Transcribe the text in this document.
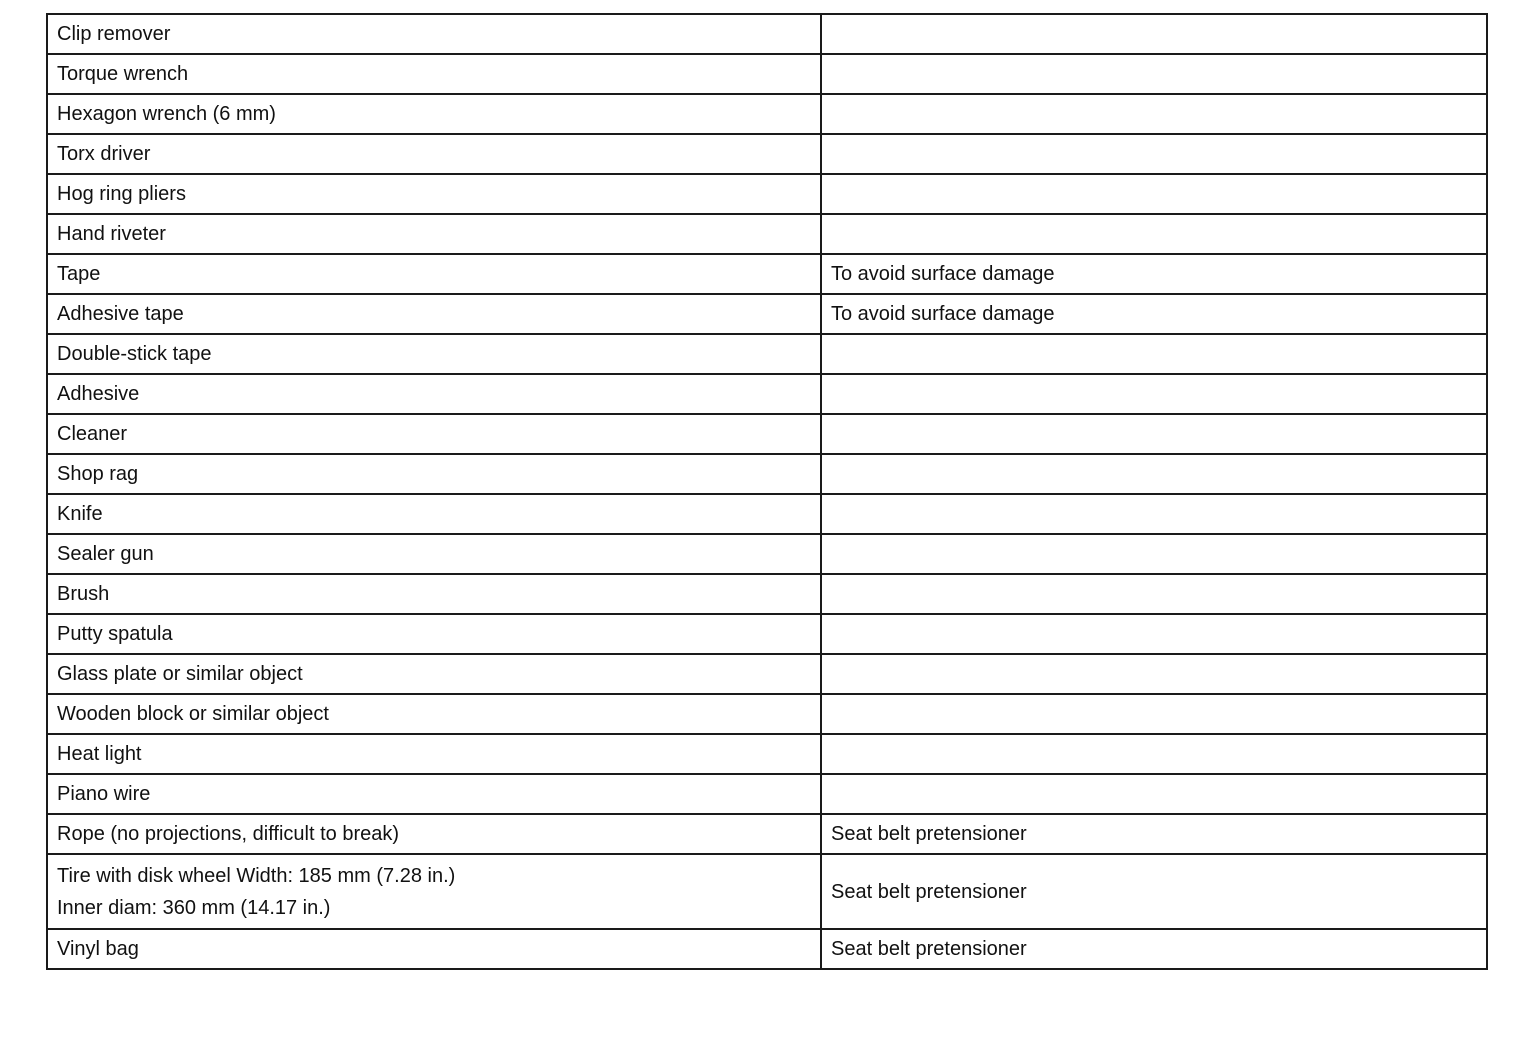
Clip remover	

Torque wrench	

Hexagon wrench (6 mm)	

Torx driver	

Hog ring pliers	

Hand riveter	

Tape	To avoid surface damage

Adhesive tape	To avoid surface damage

Double-stick tape	

Adhesive	

Cleaner	

Shop rag	

Knife	

Sealer gun	

Brush	

Putty spatula	

Glass plate or similar object	

Wooden block or similar object	

Heat light	

Piano wire	

Rope (no projections, difficult to break)	Seat belt pretensioner

Tire with disk wheel Width: 185 mm (7.28 in.)
Inner diam: 360 mm (14.17 in.)	Seat belt pretensioner

Vinyl bag	Seat belt pretensioner
